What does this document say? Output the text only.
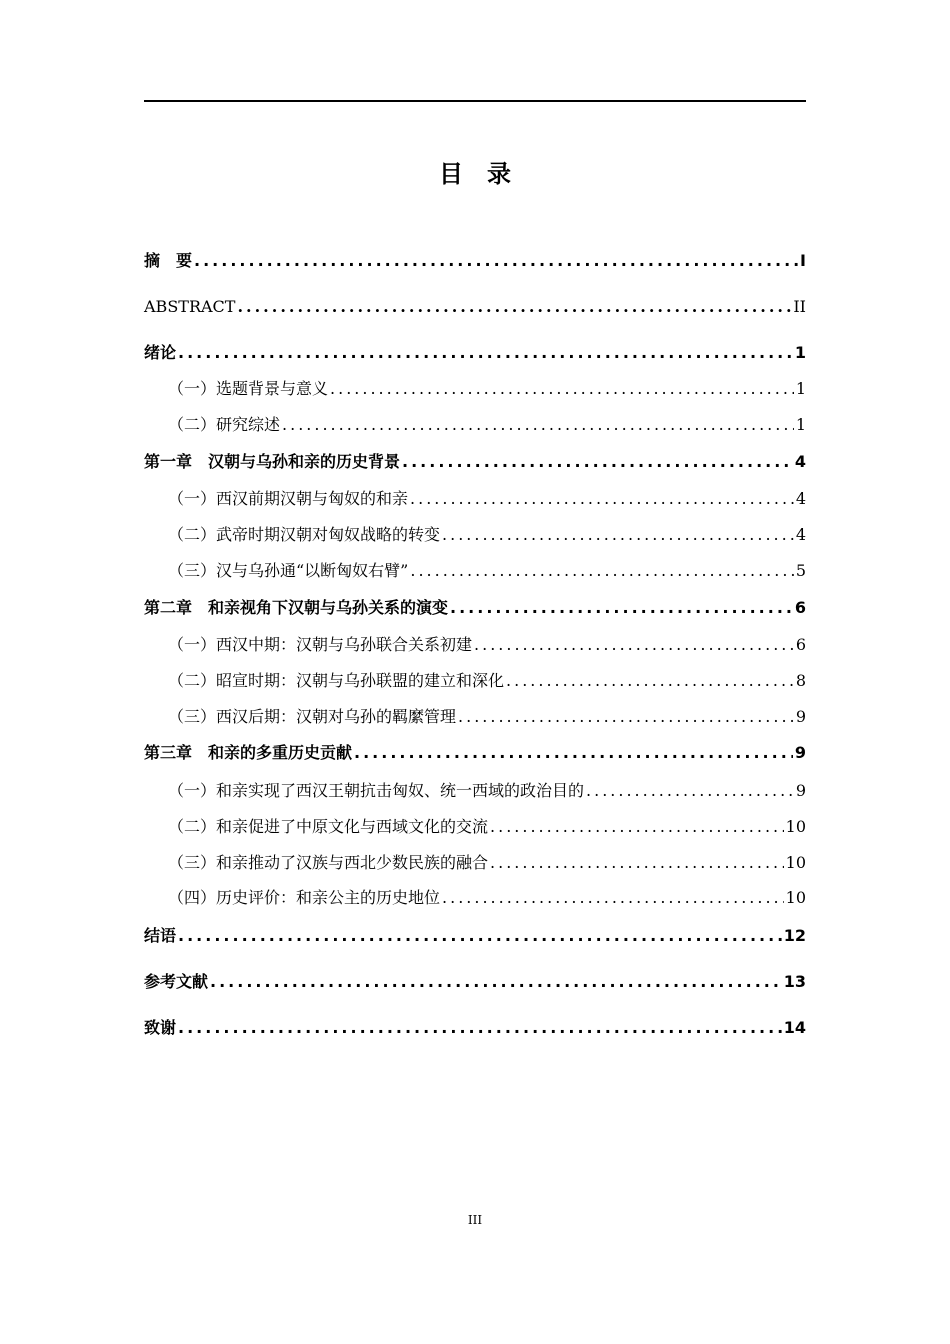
目录
摘　要 .....	I
ABSTRACT .....	II
绪论 .....	1
（一）选题背景与意义 .....	1
（二）研究综述 .....	1
第一章　汉朝与乌孙和亲的历史背景 .....	4
（一）西汉前期汉朝与匈奴的和亲 .....	4
（二）武帝时期汉朝对匈奴战略的转变 .....	4
（三）汉与乌孙通“以断匈奴右臂” .....	5
第二章　和亲视角下汉朝与乌孙关系的演变 .....	6
（一）西汉中期：汉朝与乌孙联合关系初建 .....	6
（二）昭宣时期：汉朝与乌孙联盟的建立和深化 .....	8
（三）西汉后期：汉朝对乌孙的羁縻管理 .....	9
第三章　和亲的多重历史贡献 .....	9
（一）和亲实现了西汉王朝抗击匈奴、统一西域的政治目的 .....	9
（二）和亲促进了中原文化与西域文化的交流 .....	10
（三）和亲推动了汉族与西北少数民族的融合 .....	10
（四）历史评价：和亲公主的历史地位 .....	10
结语 .....	12
参考文献 .....	13
致谢 .....	14
III
